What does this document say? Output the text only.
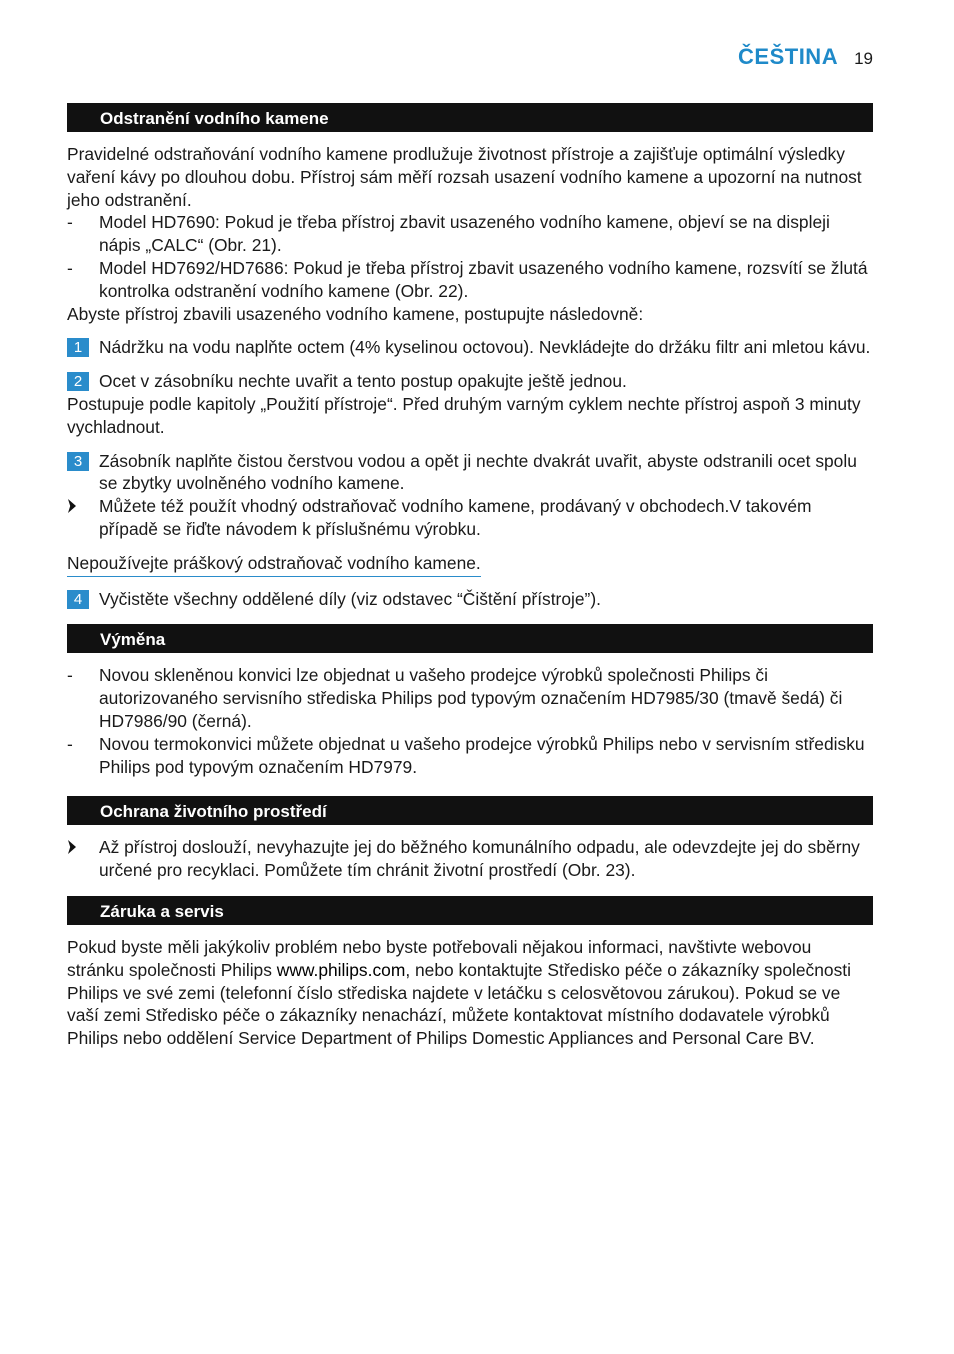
ČEŠTINA 19
Odstranění vodního kamene

Pravidelné odstraňování vodního kamene prodlužuje životnost přístroje a zajišťuje optimální výsledky vaření kávy po dlouhou dobu. Přístroj sám měří rozsah usazení vodního kamene a upozorní na nutnost jeho odstranění.

-	Model HD7690: Pokud je třeba přístroj zbavit usazeného vodního kamene, objeví se na displeji nápis „CALC“ (Obr. 21).
-	Model HD7692/HD7686: Pokud je třeba přístroj zbavit usazeného vodního kamene, rozsvítí se žlutá kontrolka odstranění vodního kamene (Obr. 22).

Abyste přístroj zbavili usazeného vodního kamene, postupujte následovně:

1 Nádržku na vodu naplňte octem (4% kyselinou octovou). Nevkládejte do držáku filtr ani mletou kávu.
2 Ocet v zásobníku nechte uvařit a tento postup opakujte ještě jednou.

Postupuje podle kapitoly „Použití přístroje“. Před druhým varným cyklem nechte přístroj aspoň 3 minuty vychladnout.

3 Zásobník naplňte čistou čerstvou vodou a opět ji nechte dvakrát uvařit, abyste odstranili ocet spolu se zbytky uvolněného vodního kamene.
Můžete též použít vhodný odstraňovač vodního kamene, prodávaný v obchodech.V takovém případě se řiďte návodem k příslušnému výrobku.
Nepoužívejte práškový odstraňovač vodního kamene.
4 Vyčistěte všechny oddělené díly (viz odstavec “Čištění přístroje”).
Výměna
-	Novou skleněnou konvici lze objednat u vašeho prodejce výrobků společnosti Philips či autorizovaného servisního střediska Philips pod typovým označením HD7985/30 (tmavě šedá) či HD7986/90 (černá).
-	Novou termokonvici můžete objednat u vašeho prodejce výrobků Philips nebo v servisním středisku Philips pod typovým označením HD7979.
Ochrana životního prostředí
Až přístroj doslouží, nevyhazujte jej do běžného komunálního odpadu, ale odevzdejte jej do sběrny určené pro recyklaci. Pomůžete tím chránit životní prostředí (Obr. 23).
Záruka a servis

Pokud byste měli jakýkoliv problém nebo byste potřebovali nějakou informaci, navštivte webovou stránku společnosti Philips www.philips.com, nebo kontaktujte Středisko péče o zákazníky společnosti Philips ve své zemi (telefonní číslo střediska najdete v letáčku s celosvětovou zárukou). Pokud se ve vaší zemi Středisko péče o zákazníky nenachází, můžete kontaktovat místního dodavatele výrobků Philips nebo oddělení Service Department of Philips Domestic Appliances and Personal Care BV.
